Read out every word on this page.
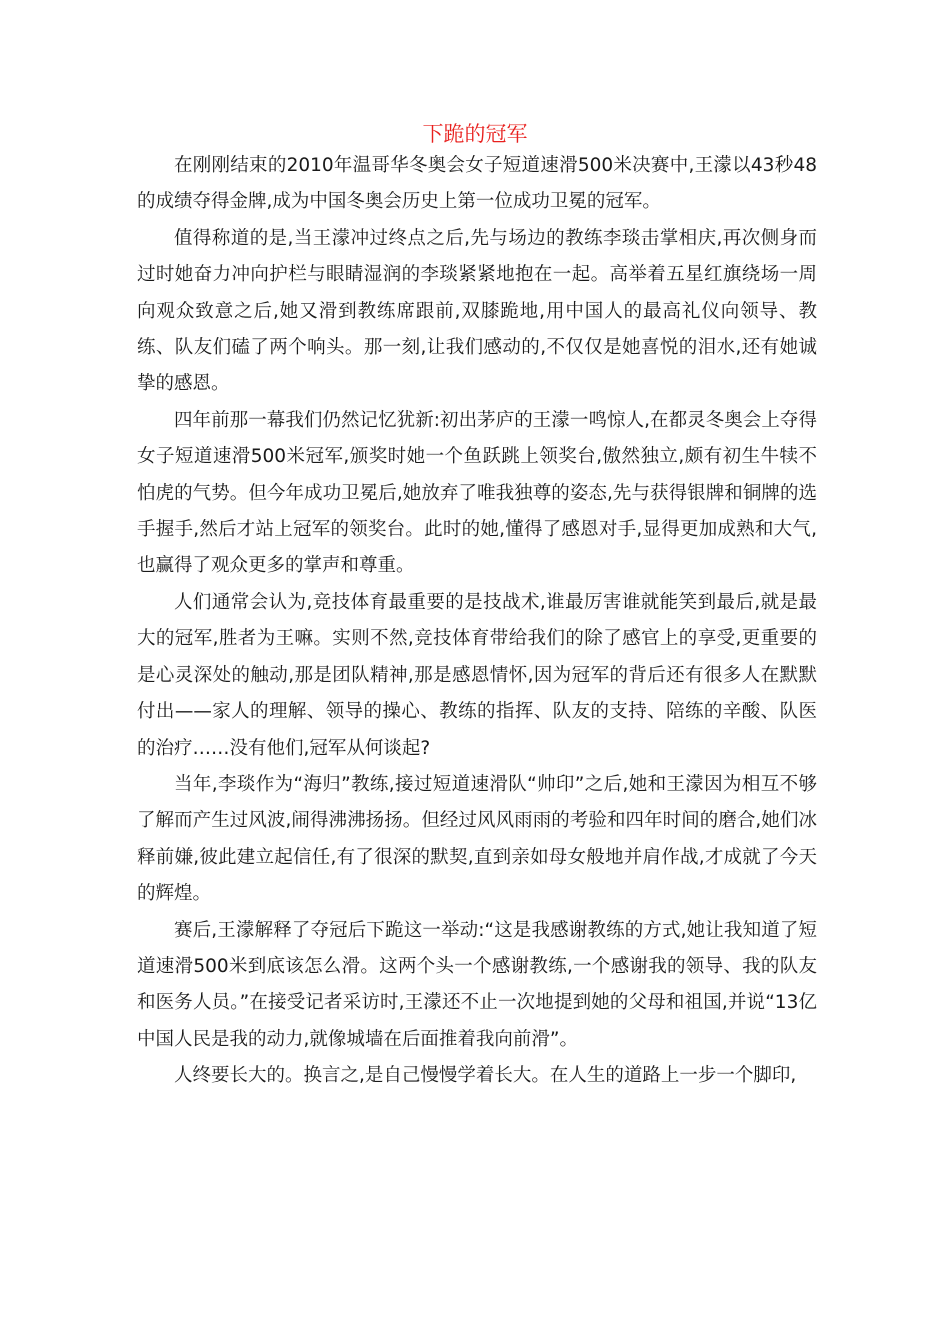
下跪的冠军

在刚刚结束的2010年温哥华冬奥会女子短道速滑500米决赛中,王濛以43秒48的成绩夺得金牌,成为中国冬奥会历史上第一位成功卫冕的冠军。

值得称道的是,当王濛冲过终点之后,先与场边的教练李琰击掌相庆,再次侧身而过时她奋力冲向护栏与眼睛湿润的李琰紧紧地抱在一起。高举着五星红旗绕场一周向观众致意之后,她又滑到教练席跟前,双膝跪地,用中国人的最高礼仪向领导、教练、队友们磕了两个响头。那一刻,让我们感动的,不仅仅是她喜悦的泪水,还有她诚挚的感恩。

四年前那一幕我们仍然记忆犹新:初出茅庐的王濛一鸣惊人,在都灵冬奥会上夺得女子短道速滑500米冠军,颁奖时她一个鱼跃跳上领奖台,傲然独立,颇有初生牛犊不怕虎的气势。但今年成功卫冕后,她放弃了唯我独尊的姿态,先与获得银牌和铜牌的选手握手,然后才站上冠军的领奖台。此时的她,懂得了感恩对手,显得更加成熟和大气,也赢得了观众更多的掌声和尊重。

人们通常会认为,竞技体育最重要的是技战术,谁最厉害谁就能笑到最后,就是最大的冠军,胜者为王嘛。实则不然,竞技体育带给我们的除了感官上的享受,更重要的是心灵深处的触动,那是团队精神,那是感恩情怀,因为冠军的背后还有很多人在默默付出——家人的理解、领导的操心、教练的指挥、队友的支持、陪练的辛酸、队医的治疗……没有他们,冠军从何谈起?

当年,李琰作为“海归”教练,接过短道速滑队“帅印”之后,她和王濛因为相互不够了解而产生过风波,闹得沸沸扬扬。但经过风风雨雨的考验和四年时间的磨合,她们冰释前嫌,彼此建立起信任,有了很深的默契,直到亲如母女般地并肩作战,才成就了今天的辉煌。

赛后,王濛解释了夺冠后下跪这一举动:“这是我感谢教练的方式,她让我知道了短道速滑500米到底该怎么滑。这两个头一个感谢教练,一个感谢我的领导、我的队友和医务人员。”在接受记者采访时,王濛还不止一次地提到她的父母和祖国,并说“13亿中国人民是我的动力,就像城墙在后面推着我向前滑”。

人终要长大的。换言之,是自己慢慢学着长大。在人生的道路上一步一个脚印,
